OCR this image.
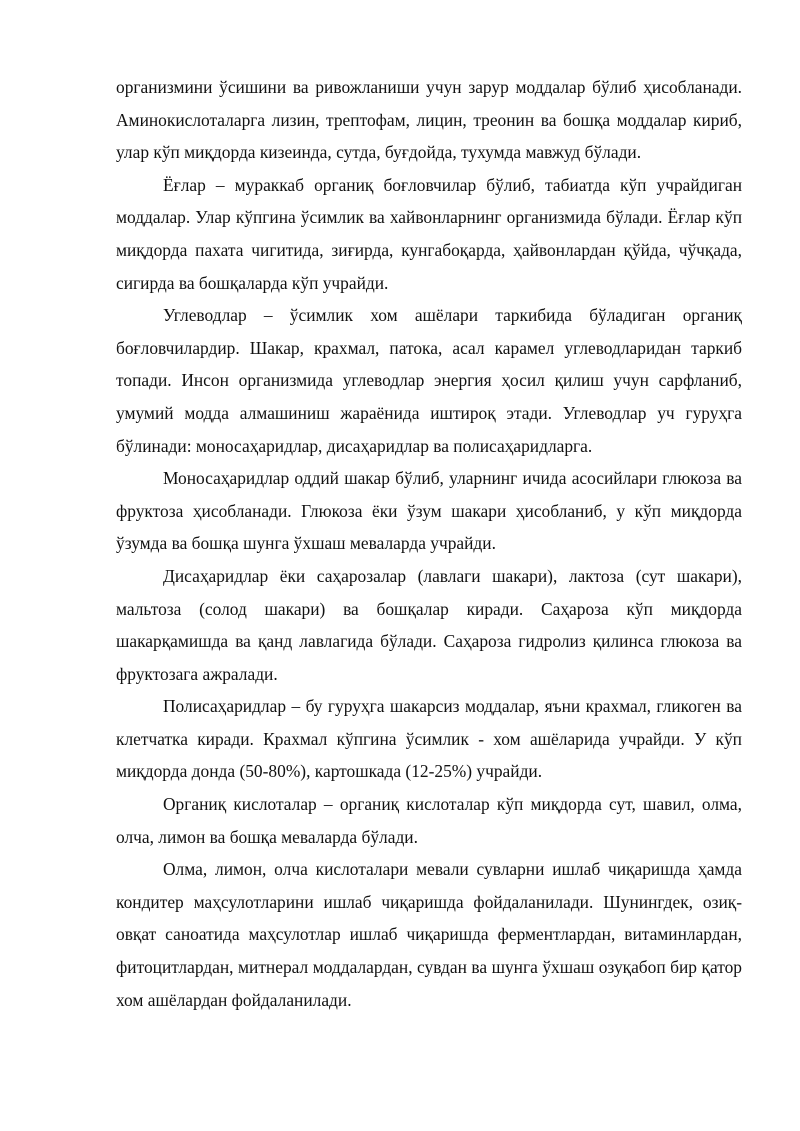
организмини ўсишини ва ривожланиши учун зарур моддалар бўлиб ҳисобланади. Аминокислоталарга лизин, трептофам, лицин, треонин ва бошқа моддалар кириб, улар кўп миқдорда кизеинда, сутда, буғдойда, тухумда мавжуд бўлади.

Ёғлар – мураккаб органиқ боғловчилар бўлиб, табиатда кўп учрайдиган моддалар. Улар кўпгина ўсимлик ва хайвонларнинг организмида бўлади. Ёғлар кўп миқдорда пахата чигитида, зиғирда, кунгабоқарда, ҳайвонлардан қўйда, чўчқада, сигирда ва бошқаларда кўп учрайди.

Углеводлар – ўсимлик хом ашёлари таркибида бўладиган органиқ боғловчилардир. Шакар, крахмал, патока, асал карамел углеводларидан таркиб топади. Инсон организмида углеводлар энергия ҳосил қилиш учун сарфланиб, умумий модда алмашиниш жараёнида иштироқ этади. Углеводлар уч гуруҳга бўлинади: моносаҳаридлар, дисаҳаридлар ва полисаҳаридларга.

Моносаҳаридлар оддий шакар бўлиб, уларнинг ичида асосийлари глюкоза ва фруктоза ҳисобланади. Глюкоза ёки ўзум шакари ҳисобланиб, у кўп миқдорда ўзумда ва бошқа шунга ўхшаш меваларда учрайди.

Дисаҳаридлар ёки саҳарозалар (лавлаги шакари), лактоза (сут шакари), мальтоза (солод шакари) ва бошқалар киради. Саҳароза кўп миқдорда шакарқамишда ва қанд лавлагида бўлади. Саҳароза гидролиз қилинса глюкоза ва фруктозага ажралади.

Полисаҳаридлар – бу гуруҳга шакарсиз моддалар, яъни крахмал, гликоген ва клетчатка киради. Крахмал кўпгина ўсимлик - хом ашёларида учрайди. У кўп миқдорда донда (50-80%), картошкада (12-25%) учрайди.

Органиқ кислоталар – органиқ кислоталар кўп миқдорда сут, шавил, олма, олча, лимон ва бошқа меваларда бўлади.

Олма, лимон, олча кислоталари мевали сувларни ишлаб чиқаришда ҳамда кондитер маҳсулотларини ишлаб чиқаришда фойдаланилади. Шунингдек, озиқ-овқат саноатида маҳсулотлар ишлаб чиқаришда ферментлардан, витаминлардан, фитоцитлардан, митнерал моддалардан, сувдан ва шунга ўхшаш озуқабоп бир қатор хом ашёлардан фойдаланилади.
